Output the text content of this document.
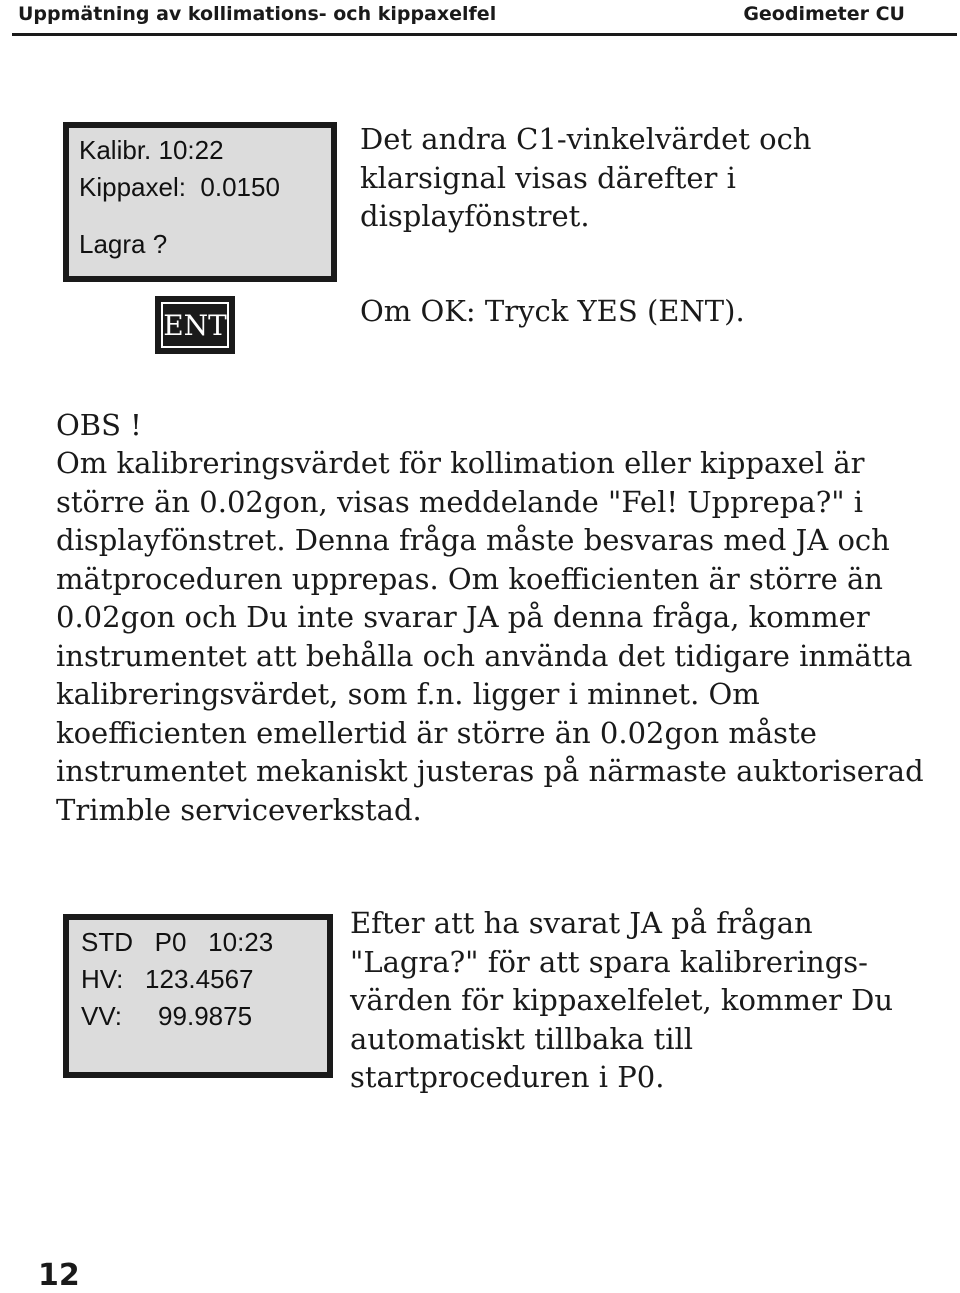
Uppmätning av kollimations- och kippaxelfel	Geodimeter CU
Kalibr. 10:22
Kippaxel:  0.0150
Lagra ?
ENT
Det andra C1-vinkelvärdet och klarsignal visas därefter i displayfönstret.
Om OK: Tryck YES (ENT).
OBS !
Om kalibreringsvärdet för kollimation eller kippaxel är större än 0.02gon, visas meddelande "Fel! Upprepa?" i displayfönstret. Denna fråga måste besvaras med JA och mätproceduren upprepas. Om koefficienten är större än 0.02gon och Du inte svarar JA på denna fråga, kommer instrumentet att behålla och använda det tidigare inmätta kalibreringsvärdet, som f.n. ligger i minnet. Om koefficienten emellertid är större än 0.02gon måste instrumentet mekaniskt justeras på närmaste auktoriserad Trimble serviceverkstad.
STD   P0   10:23
HV:   123.4567
VV:     99.9875
Efter att ha svarat JA på frågan "Lagra?" för att spara kalibrerings-värden för kippaxelfelet, kommer Du automatiskt tillbaka till startproceduren i P0.
12
